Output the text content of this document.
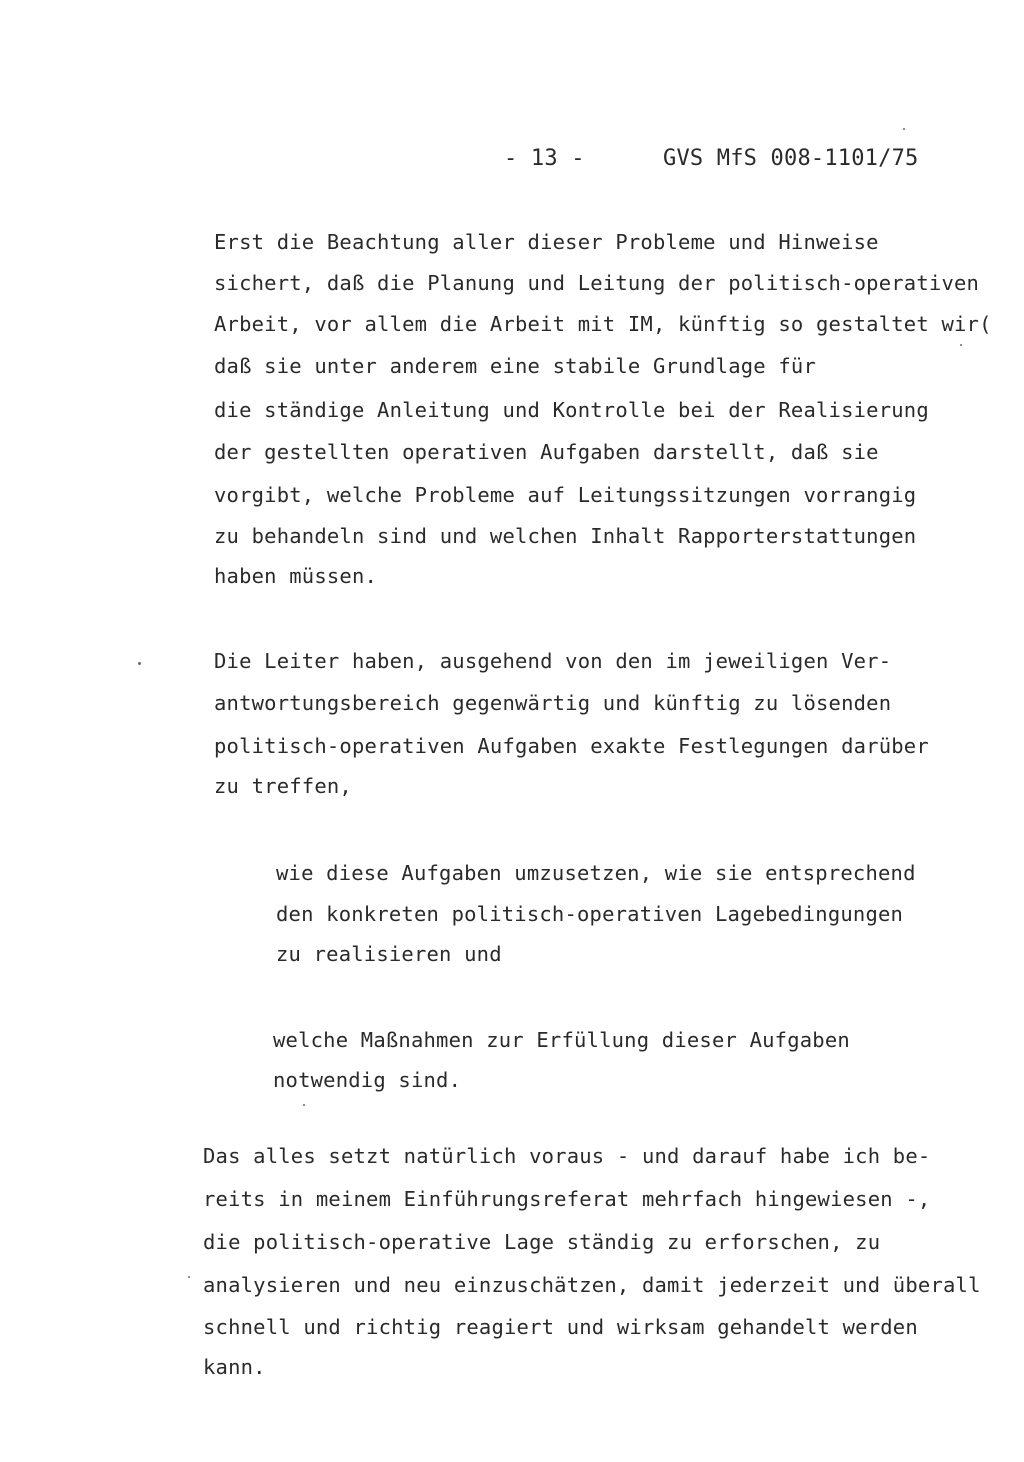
- 13 -	GVS MfS 008-1101/75
Erst die Beachtung aller dieser Probleme und Hinweise
sichert, daß die Planung und Leitung der politisch-operativen
Arbeit, vor allem die Arbeit mit IM, künftig so gestaltet wir(
daß sie unter anderem eine stabile Grundlage für
die ständige Anleitung und Kontrolle bei der Realisierung
der gestellten operativen Aufgaben darstellt, daß sie
vorgibt, welche Probleme auf Leitungssitzungen vorrangig
zu behandeln sind und welchen Inhalt Rapporterstattungen
haben müssen.
Die Leiter haben, ausgehend von den im jeweiligen Ver-
antwortungsbereich gegenwärtig und künftig zu lösenden
politisch-operativen Aufgaben exakte Festlegungen darüber
zu treffen,
wie diese Aufgaben umzusetzen, wie sie entsprechend
den konkreten politisch-operativen Lagebedingungen
zu realisieren und
welche Maßnahmen zur Erfüllung dieser Aufgaben
notwendig sind.
Das alles setzt natürlich voraus - und darauf habe ich be-
reits in meinem Einführungsreferat mehrfach hingewiesen -,
die politisch-operative Lage ständig zu erforschen, zu
analysieren und neu einzuschätzen, damit jederzeit und überall
schnell und richtig reagiert und wirksam gehandelt werden
kann.
